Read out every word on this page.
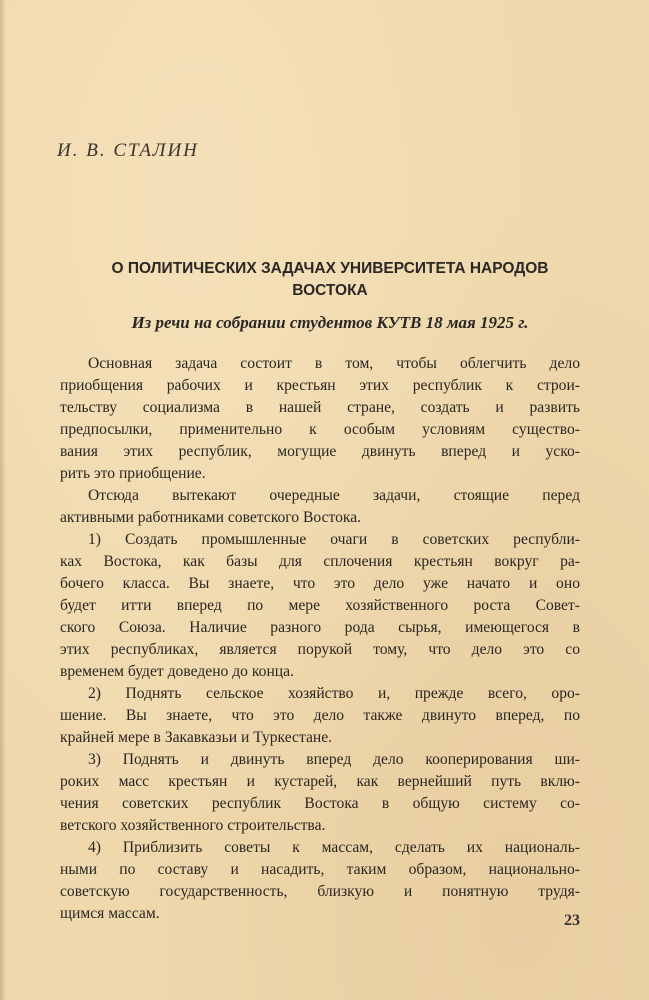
И. В. СТАЛИН
О ПОЛИТИЧЕСКИХ ЗАДАЧАХ УНИВЕРСИТЕТА НАРОДОВ
ВОСТОКА
Из речи на собрании студентов КУТВ 18 мая 1925 г.
Основная задача состоит в том, чтобы облегчить дело
приобщения рабочих и крестьян этих республик к строи-
тельству социализма в нашей стране, создать и развить
предпосылки, применительно к особым условиям существо-
вания этих республик, могущие двинуть вперед и уско-
рить это приобщение.
Отсюда вытекают очередные задачи, стоящие перед
активными работниками советского Востока.
1) Создать промышленные очаги в советских республи-
ках Востока, как базы для сплочения крестьян вокруг ра-
бочего класса. Вы знаете, что это дело уже начато и оно
будет итти вперед по мере хозяйственного роста Совет-
ского Союза. Наличие разного рода сырья, имеющегося в
этих республиках, является порукой тому, что дело это со
временем будет доведено до конца.
2) Поднять сельское хозяйство и, прежде всего, оро-
шение. Вы знаете, что это дело также двинуто вперед, по
крайней мере в Закавказьи и Туркестане.
3) Поднять и двинуть вперед дело кооперирования ши-
роких масс крестьян и кустарей, как вернейший путь вклю-
чения советских республик Востока в общую систему со-
ветского хозяйственного строительства.
4) Приблизить советы к массам, сделать их националь-
ными по составу и насадить, таким образом, национально-
советскую государственность, близкую и понятную трудя-
щимся массам.	23
